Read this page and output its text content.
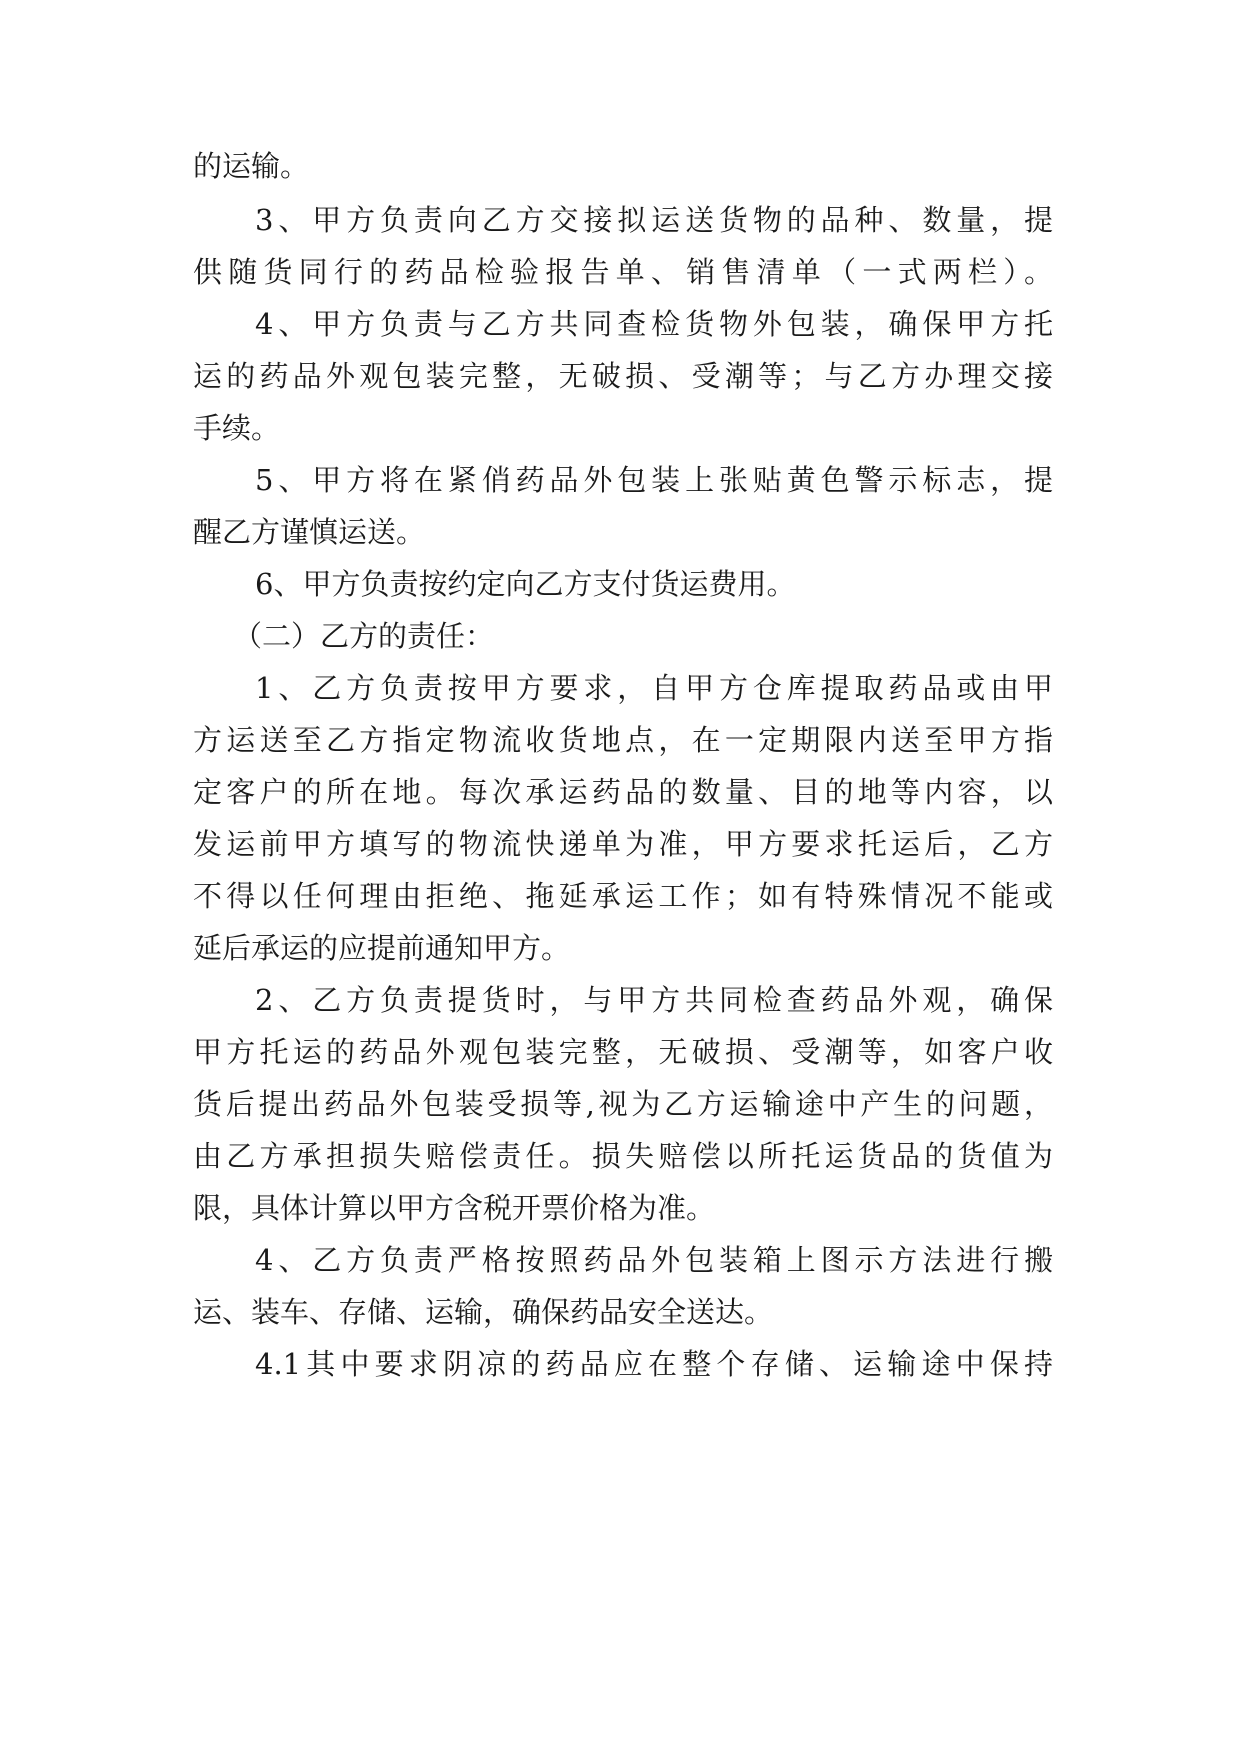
的运输。
3、甲方负责向乙方交接拟运送货物的品种、数量，提
供随货同行的药品检验报告单、销售清单（一式两栏）。
4、甲方负责与乙方共同查检货物外包装，确保甲方托
运的药品外观包装完整，无破损、受潮等；与乙方办理交接
手续。
5、甲方将在紧俏药品外包装上张贴黄色警示标志，提
醒乙方谨慎运送。
6、甲方负责按约定向乙方支付货运费用。
（二）乙方的责任：
1、乙方负责按甲方要求，自甲方仓库提取药品或由甲
方运送至乙方指定物流收货地点，在一定期限内送至甲方指
定客户的所在地。每次承运药品的数量、目的地等内容，以
发运前甲方填写的物流快递单为准，甲方要求托运后，乙方
不得以任何理由拒绝、拖延承运工作；如有特殊情况不能或
延后承运的应提前通知甲方。
2、乙方负责提货时，与甲方共同检查药品外观，确保
甲方托运的药品外观包装完整，无破损、受潮等，如客户收
货后提出药品外包装受损等,视为乙方运输途中产生的问题，
由乙方承担损失赔偿责任。损失赔偿以所托运货品的货值为
限，具体计算以甲方含税开票价格为准。
4、乙方负责严格按照药品外包装箱上图示方法进行搬
运、装车、存储、运输，确保药品安全送达。
4.1其中要求阴凉的药品应在整个存储、运输途中保持
